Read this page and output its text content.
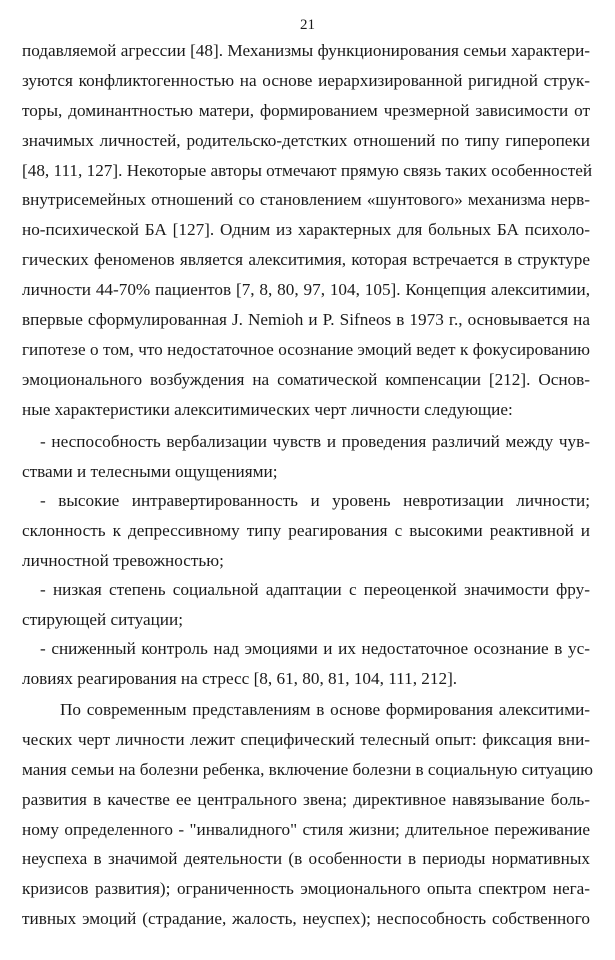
21
подавляемой агрессии [48]. Механизмы функционирования семьи характери-
зуются конфликтогенностью на основе иерархизированной ригидной струк-
торы, доминантностью матери, формированием чрезмерной зависимости от
значимых личностей, родительско-детстких отношений по типу гиперопеки
[48, 111, 127]. Некоторые авторы отмечают прямую связь таких особенностей
внутрисемейных отношений со становлением «шунтового» механизма нерв-
но-психической БА [127]. Одним из характерных для больных БА психоло-
гических феноменов является алекситимия, которая встречается в структуре
личности 44-70% пациентов [7, 8, 80, 97, 104, 105]. Концепция алекситимии,
впервые сформулированная J. Nemioh и P. Sifneos в 1973 г., основывается на
гипотезе о том, что недостаточное осознание эмоций ведет к фокусированию
эмоционального возбуждения на соматической компенсации [212]. Основ-
ные характеристики алекситимических черт личности следующие:
- неспособность вербализации чувств и проведения различий между чув-
ствами и телесными ощущениями;
- высокие интравертированность и уровень невротизации личности;
склонность к депрессивному типу реагирования с высокими реактивной и
личностной тревожностью;
- низкая степень социальной адаптации с переоценкой значимости фру-
стирующей ситуации;
- сниженный контроль над эмоциями и их недостаточное осознание в ус-
ловиях реагирования на стресс [8, 61, 80, 81, 104, 111, 212].
По современным представлениям в основе формирования алекситими-
ческих черт личности лежит специфический телесный опыт: фиксация вни-
мания семьи на болезни ребенка, включение болезни в социальную ситуацию
развития в качестве ее центрального звена; директивное навязывание боль-
ному определенного - "инвалидного" стиля жизни; длительное переживание
неуспеха в значимой деятельности (в особенности в периоды нормативных
кризисов развития); ограниченность эмоционального опыта спектром нега-
тивных эмоций (страдание, жалость, неуспех); неспособность собственного
